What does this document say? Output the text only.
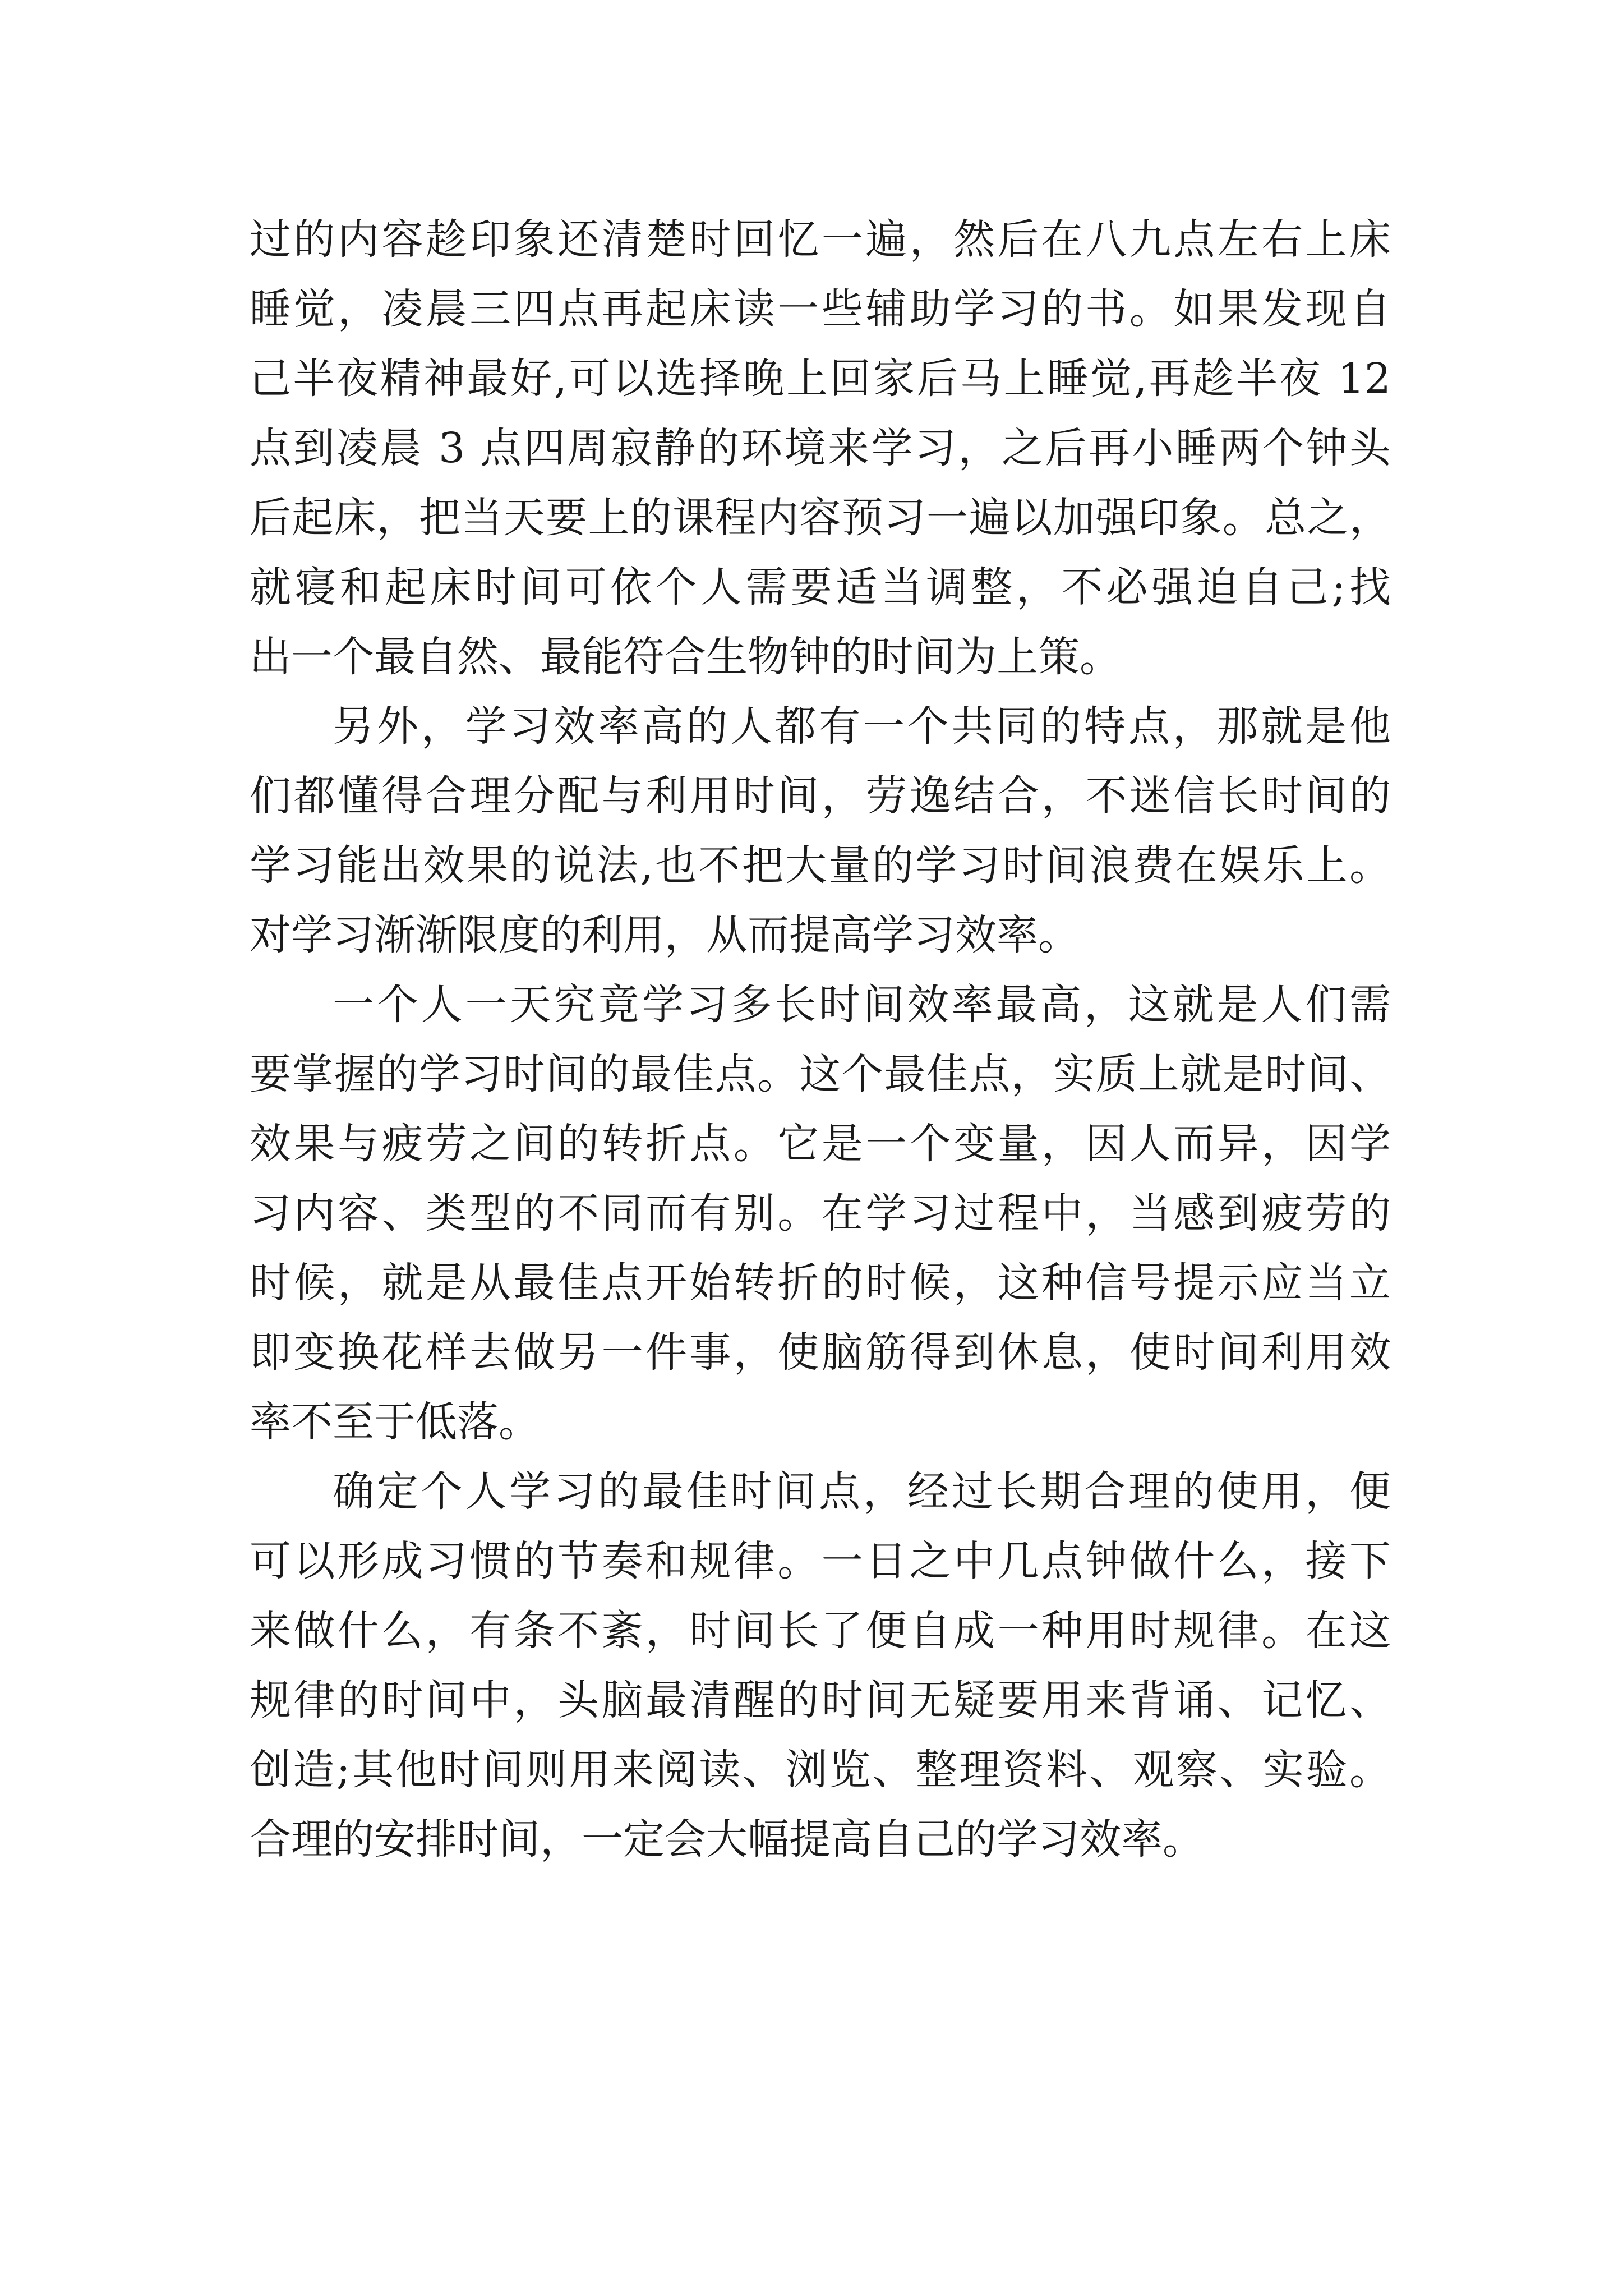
过的内容趁印象还清楚时回忆一遍，然后在八九点左右上床
睡觉，凌晨三四点再起床读一些辅助学习的书。如果发现自
己半夜精神最好,可以选择晚上回家后马上睡觉,再趁半夜 12
点到凌晨 3 点四周寂静的环境来学习，之后再小睡两个钟头
后起床，把当天要上的课程内容预习一遍以加强印象。总之，
就寝和起床时间可依个人需要适当调整，不必强迫自己;找
出一个最自然、最能符合生物钟的时间为上策。
另外，学习效率高的人都有一个共同的特点，那就是他
们都懂得合理分配与利用时间，劳逸结合，不迷信长时间的
学习能出效果的说法,也不把大量的学习时间浪费在娱乐上。
对学习渐渐限度的利用，从而提高学习效率。
一个人一天究竟学习多长时间效率最高，这就是人们需
要掌握的学习时间的最佳点。这个最佳点，实质上就是时间、
效果与疲劳之间的转折点。它是一个变量，因人而异，因学
习内容、类型的不同而有别。在学习过程中，当感到疲劳的
时候，就是从最佳点开始转折的时候，这种信号提示应当立
即变换花样去做另一件事，使脑筋得到休息，使时间利用效
率不至于低落。
确定个人学习的最佳时间点，经过长期合理的使用，便
可以形成习惯的节奏和规律。一日之中几点钟做什么，接下
来做什么，有条不紊，时间长了便自成一种用时规律。在这
规律的时间中，头脑最清醒的时间无疑要用来背诵、记忆、
创造;其他时间则用来阅读、浏览、整理资料、观察、实验。
合理的安排时间，一定会大幅提高自己的学习效率。
